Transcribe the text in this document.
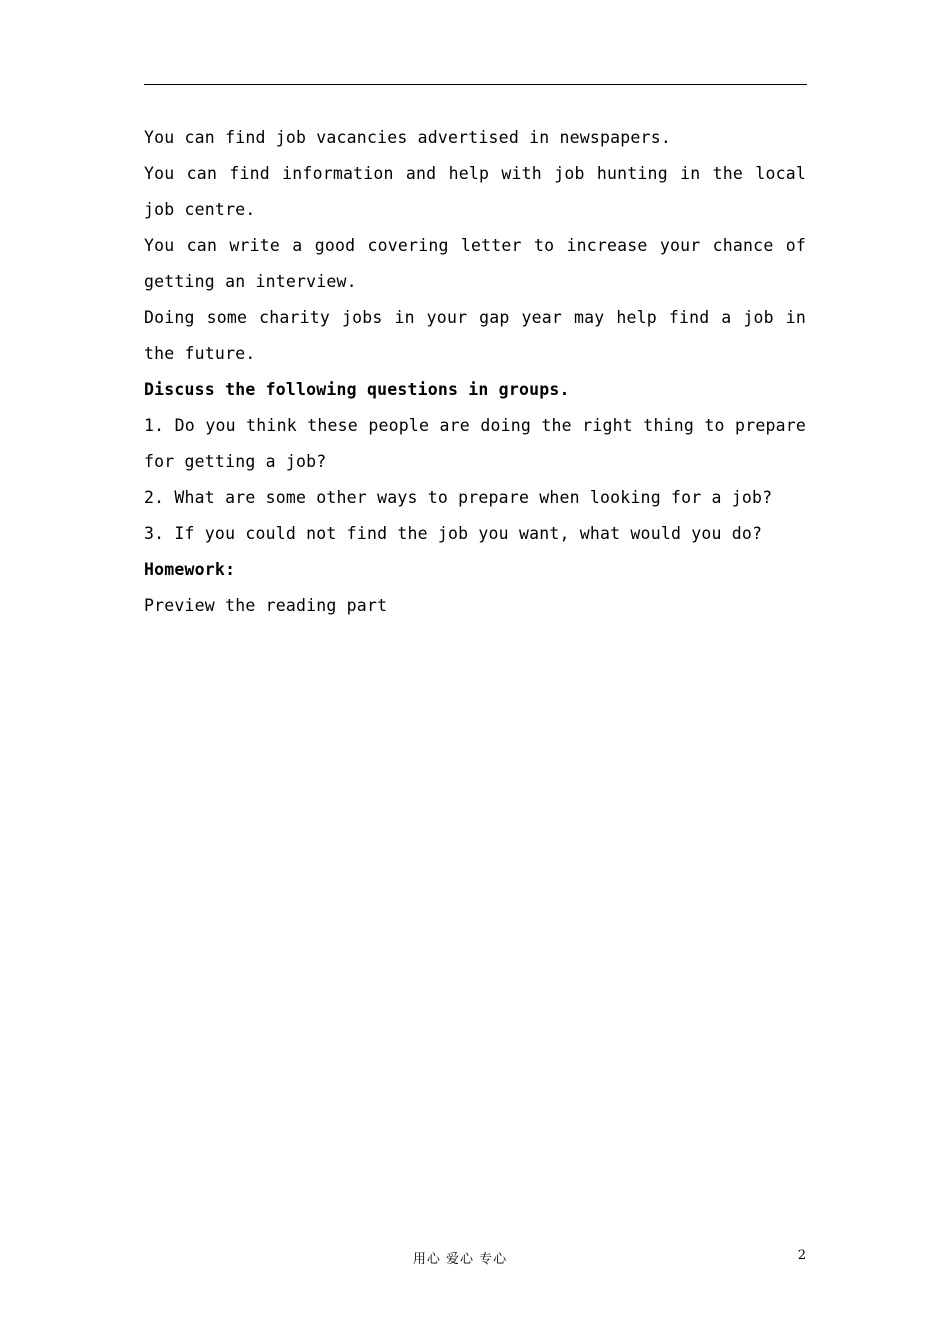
You can find job vacancies advertised in newspapers.

You can find information and help with job hunting in the local job centre.

You can write a good covering letter to increase your chance of getting an interview.

Doing some charity jobs in your gap year may help find a job in the future.

Discuss the following questions in groups.

1. Do you think these people are doing the right thing to prepare for getting a job?

2. What are some other ways to prepare when looking for a job?

3. If you could not find the job you want, what would you do?

Homework:

Preview the reading part

用心 爱心 专心	2
